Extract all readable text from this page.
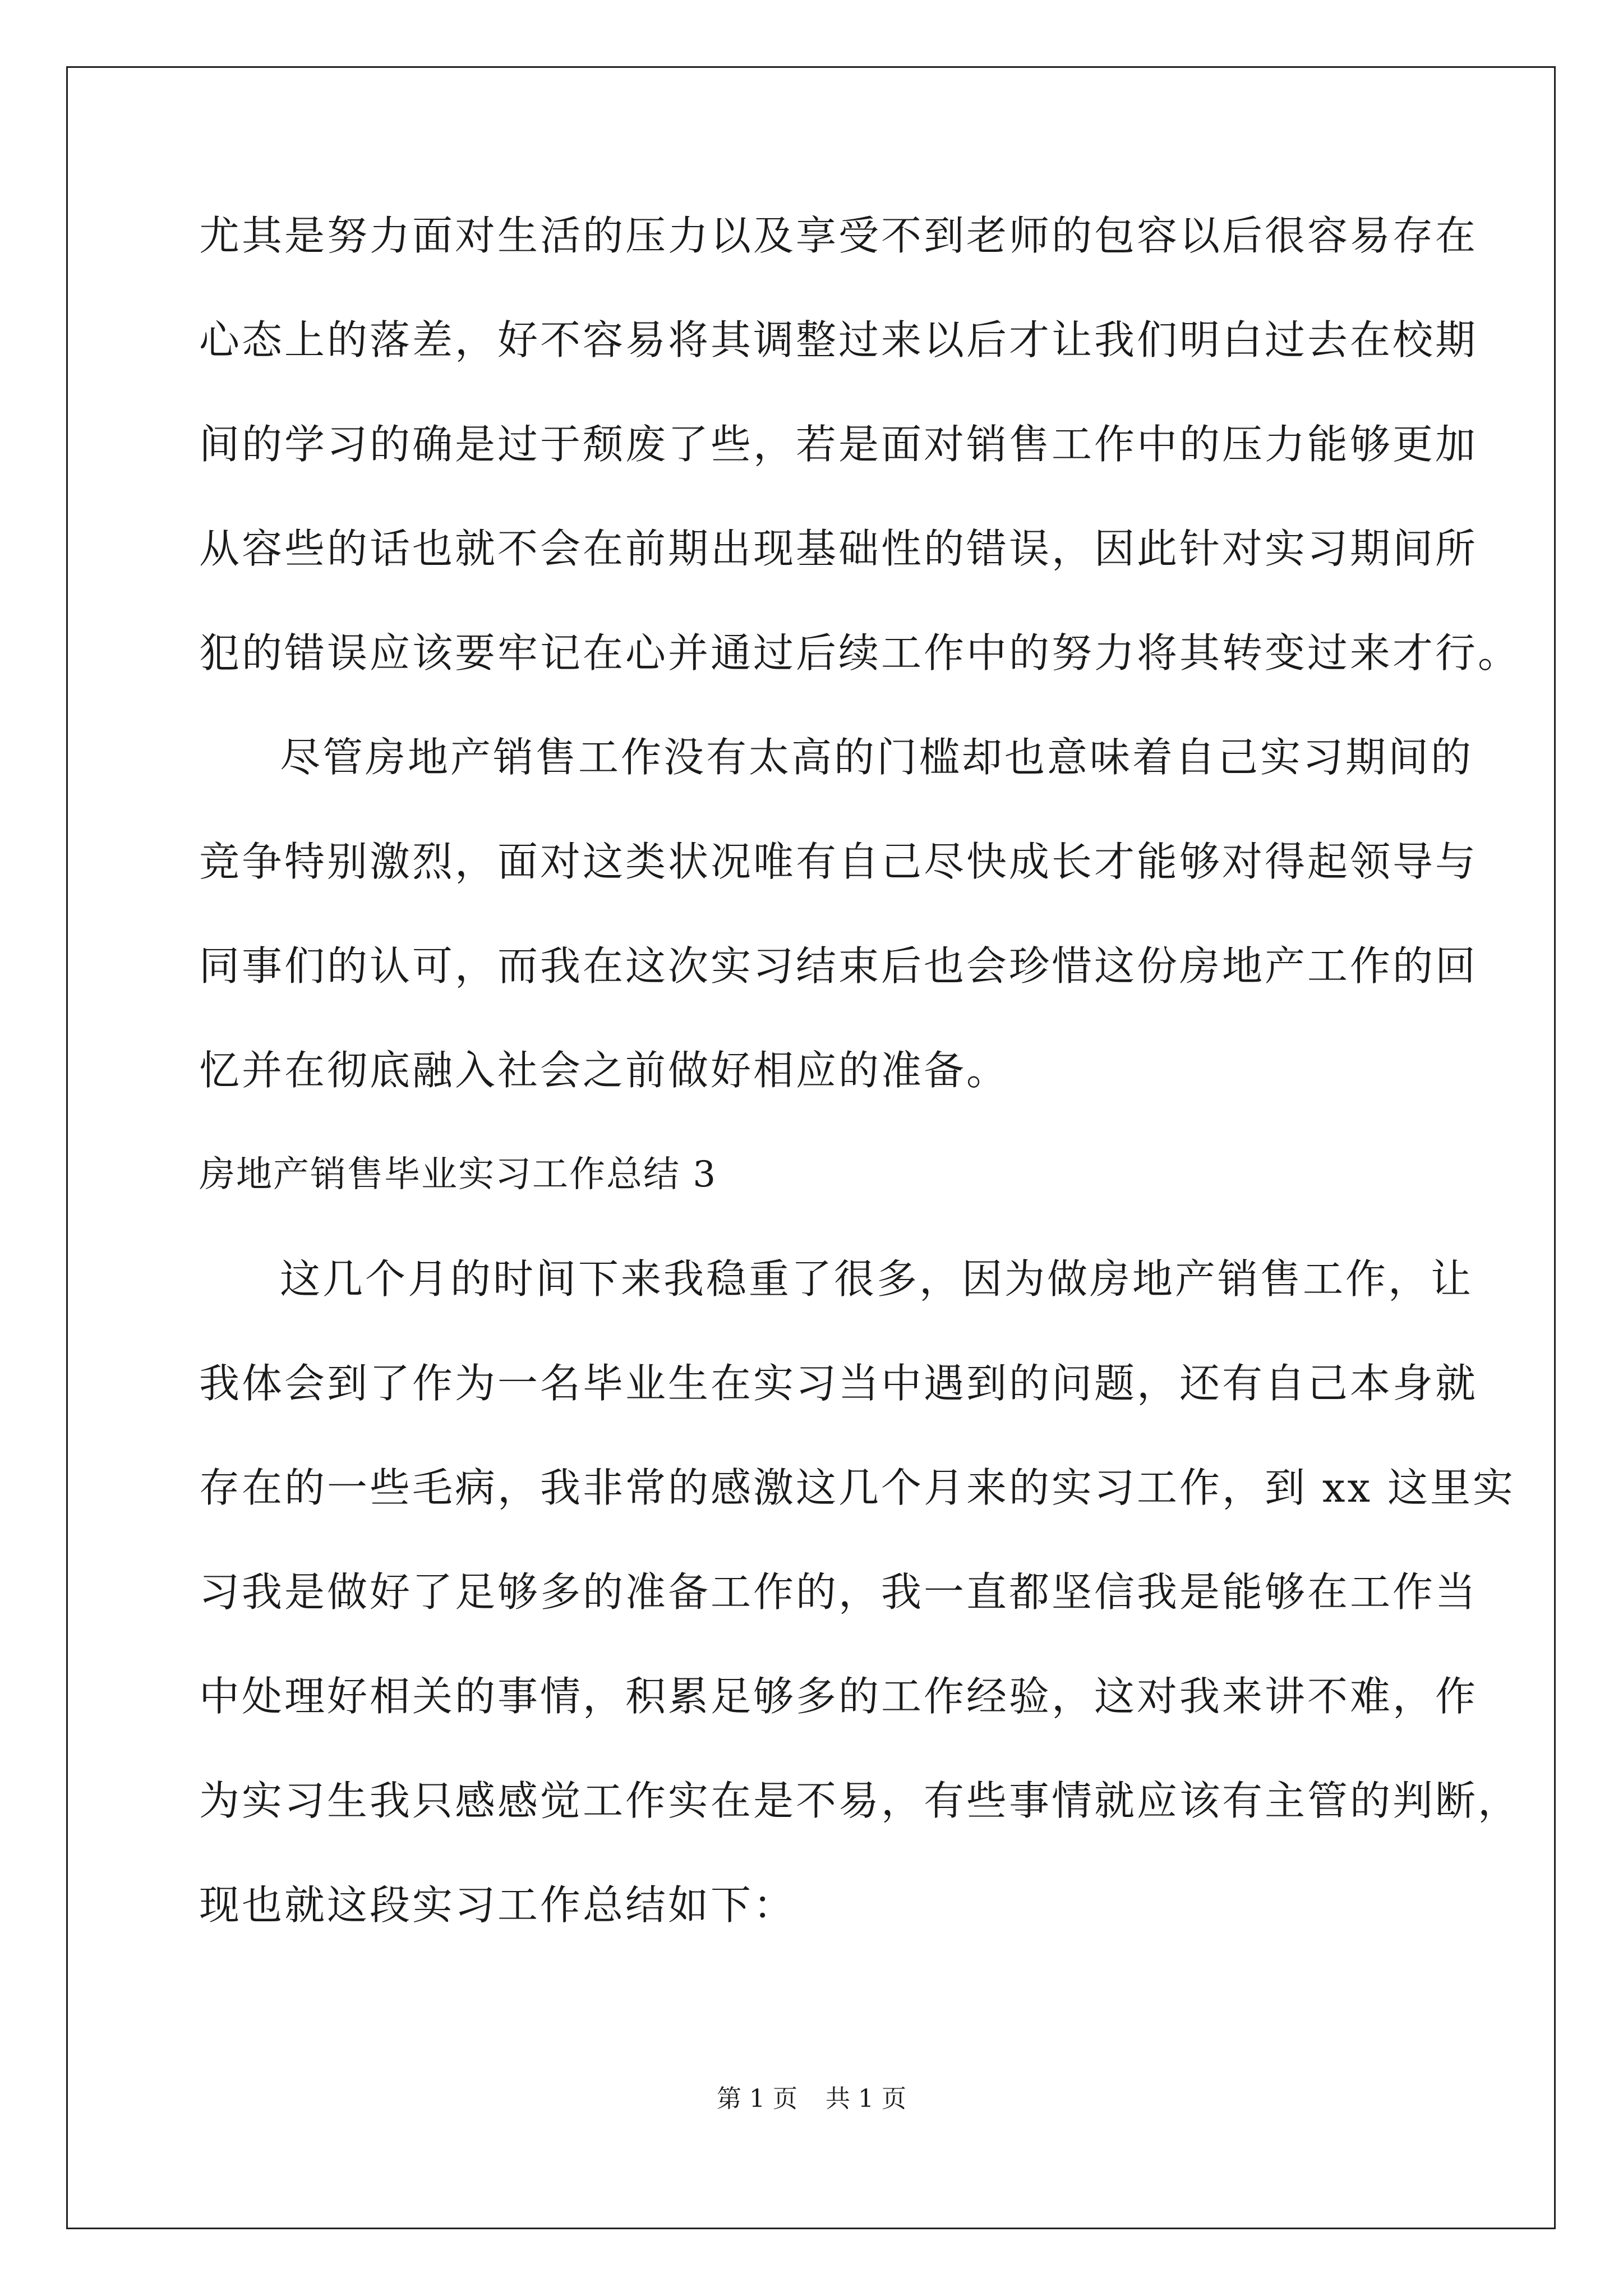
尤其是努力面对生活的压力以及享受不到老师的包容以后很容易存在
心态上的落差，好不容易将其调整过来以后才让我们明白过去在校期
间的学习的确是过于颓废了些，若是面对销售工作中的压力能够更加
从容些的话也就不会在前期出现基础性的错误，因此针对实习期间所
犯的错误应该要牢记在心并通过后续工作中的努力将其转变过来才行。
尽管房地产销售工作没有太高的门槛却也意味着自己实习期间的
竞争特别激烈，面对这类状况唯有自己尽快成长才能够对得起领导与
同事们的认可，而我在这次实习结束后也会珍惜这份房地产工作的回
忆并在彻底融入社会之前做好相应的准备。
房地产销售毕业实习工作总结 3
这几个月的时间下来我稳重了很多，因为做房地产销售工作，让
我体会到了作为一名毕业生在实习当中遇到的问题，还有自己本身就
存在的一些毛病，我非常的感激这几个月来的实习工作，到 xx 这里实
习我是做好了足够多的准备工作的，我一直都坚信我是能够在工作当
中处理好相关的事情，积累足够多的工作经验，这对我来讲不难，作
为实习生我只感感觉工作实在是不易，有些事情就应该有主管的判断，
现也就这段实习工作总结如下：
第 1 页 共 1 页
